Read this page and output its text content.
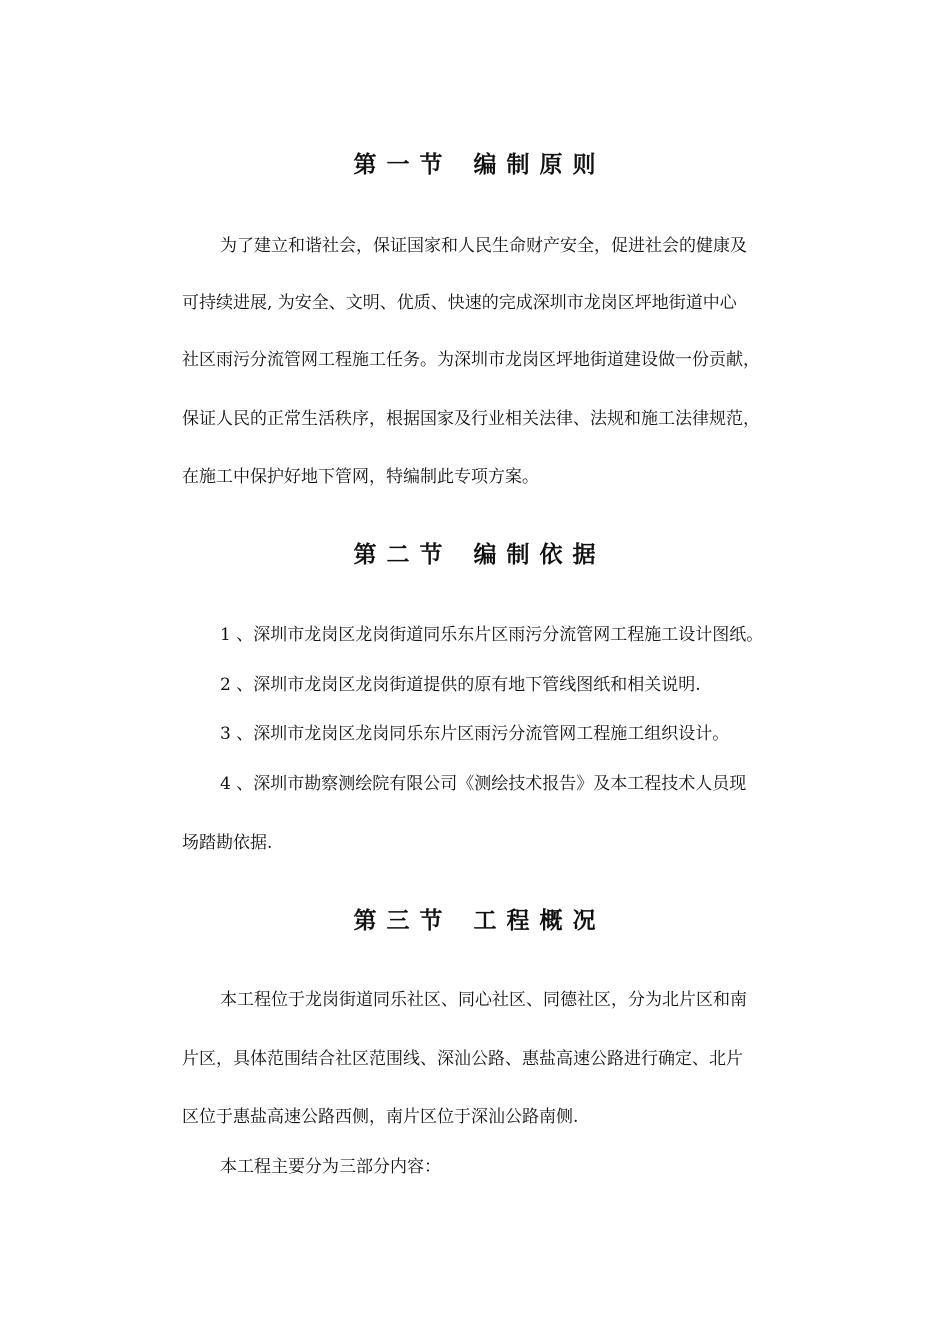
第 一 节 编 制 原 则
为了建立和谐社会，保证国家和人民生命财产安全，促进社会的健康及
可持续进展, 为安全、文明、优质、快速的完成深圳市龙岗区坪地街道中心
社区雨污分流管网工程施工任务。为深圳市龙岗区坪地街道建设做一份贡献，
保证人民的正常生活秩序，根据国家及行业相关法律、法规和施工法律规范，
在施工中保护好地下管网，特编制此专项方案。
第 二 节 编 制 依 据
1 、深圳市龙岗区龙岗街道同乐东片区雨污分流管网工程施工设计图纸。
2 、深圳市龙岗区龙岗街道提供的原有地下管线图纸和相关说明.
3 、深圳市龙岗区龙岗同乐东片区雨污分流管网工程施工组织设计。
4 、深圳市勘察测绘院有限公司《测绘技术报告》及本工程技术人员现
场踏勘依据.
第 三 节 工 程 概 况
本工程位于龙岗街道同乐社区、同心社区、同德社区，分为北片区和南
片区，具体范围结合社区范围线、深汕公路、惠盐高速公路进行确定、北片
区位于惠盐高速公路西侧，南片区位于深汕公路南侧.
本工程主要分为三部分内容：
